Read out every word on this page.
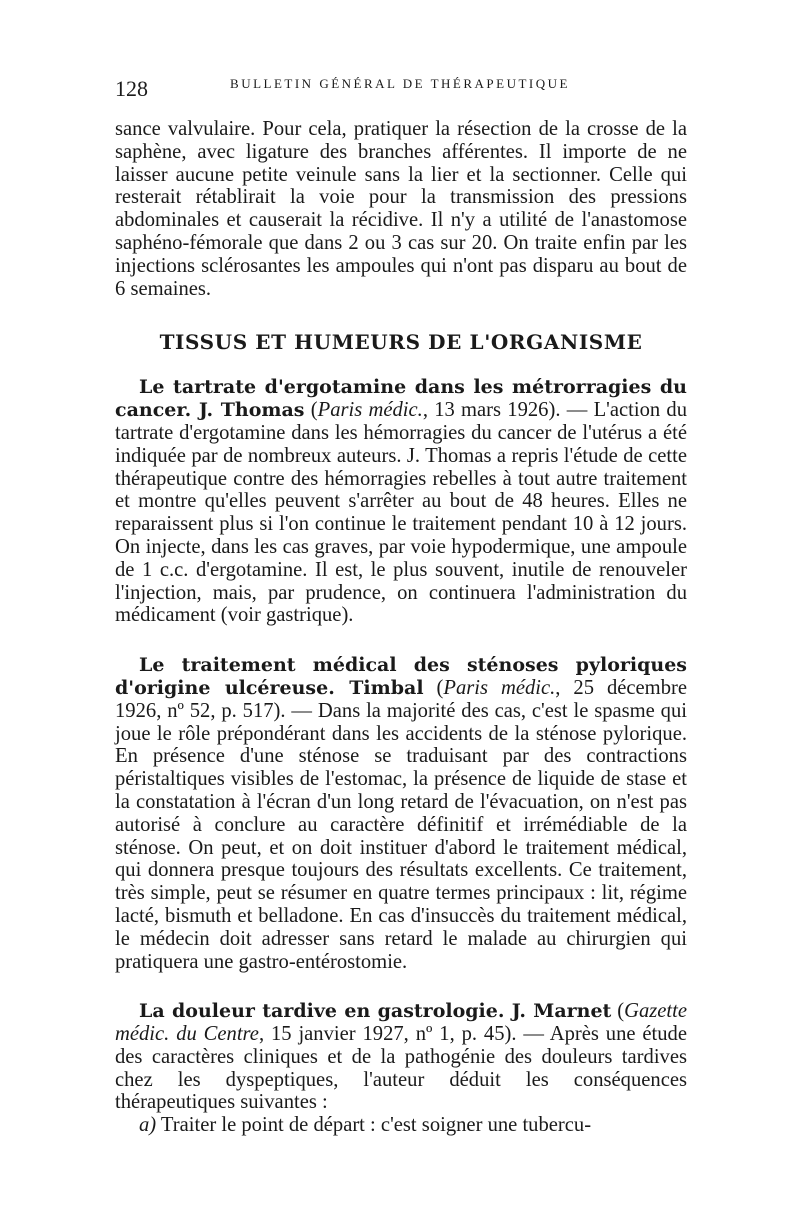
128	BULLETIN GÉNÉRAL DE THÉRAPEUTIQUE

sance valvulaire. Pour cela, pratiquer la résection de la crosse de la saphène, avec ligature des branches afférentes. Il importe de ne laisser aucune petite veinule sans la lier et la sectionner. Celle qui resterait rétablirait la voie pour la transmission des pressions abdominales et causerait la récidive. Il n'y a utilité de l'anastomose saphéno-fémorale que dans 2 ou 3 cas sur 20. On traite enfin par les injections sclérosantes les ampoules qui n'ont pas disparu au bout de 6 semaines.

TISSUS ET HUMEURS DE L'ORGANISME

Le tartrate d'ergotamine dans les métrorragies du cancer. J. Thomas (Paris médic., 13 mars 1926). — L'action du tartrate d'ergotamine dans les hémorragies du cancer de l'utérus a été indiquée par de nombreux auteurs. J. Thomas a repris l'étude de cette thérapeutique contre des hémorragies rebelles à tout autre traitement et montre qu'elles peuvent s'arrêter au bout de 48 heures. Elles ne reparaissent plus si l'on continue le traitement pendant 10 à 12 jours. On injecte, dans les cas graves, par voie hypodermique, une ampoule de 1 c.c. d'ergotamine. Il est, le plus souvent, inutile de renouveler l'injection, mais, par prudence, on continuera l'administration du médicament (voir gastrique).

Le traitement médical des sténoses pyloriques d'origine ulcéreuse. Timbal (Paris médic., 25 décembre 1926, nº 52, p. 517). — Dans la majorité des cas, c'est le spasme qui joue le rôle prépondérant dans les accidents de la sténose pylorique. En présence d'une sténose se traduisant par des contractions péristaltiques visibles de l'estomac, la présence de liquide de stase et la constatation à l'écran d'un long retard de l'évacuation, on n'est pas autorisé à conclure au caractère définitif et irrémédiable de la sténose. On peut, et on doit instituer d'abord le traitement médical, qui donnera presque toujours des résultats excellents. Ce traitement, très simple, peut se résumer en quatre termes principaux : lit, régime lacté, bismuth et belladone. En cas d'insuccès du traitement médical, le médecin doit adresser sans retard le malade au chirurgien qui pratiquera une gastro-entérostomie.

La douleur tardive en gastrologie. J. Marnet (Gazette médic. du Centre, 15 janvier 1927, nº 1, p. 45). — Après une étude des caractères cliniques et de la pathogénie des douleurs tardives chez les dyspeptiques, l'auteur déduit les conséquences thérapeutiques suivantes :

a) Traiter le point de départ : c'est soigner une tubercu-
